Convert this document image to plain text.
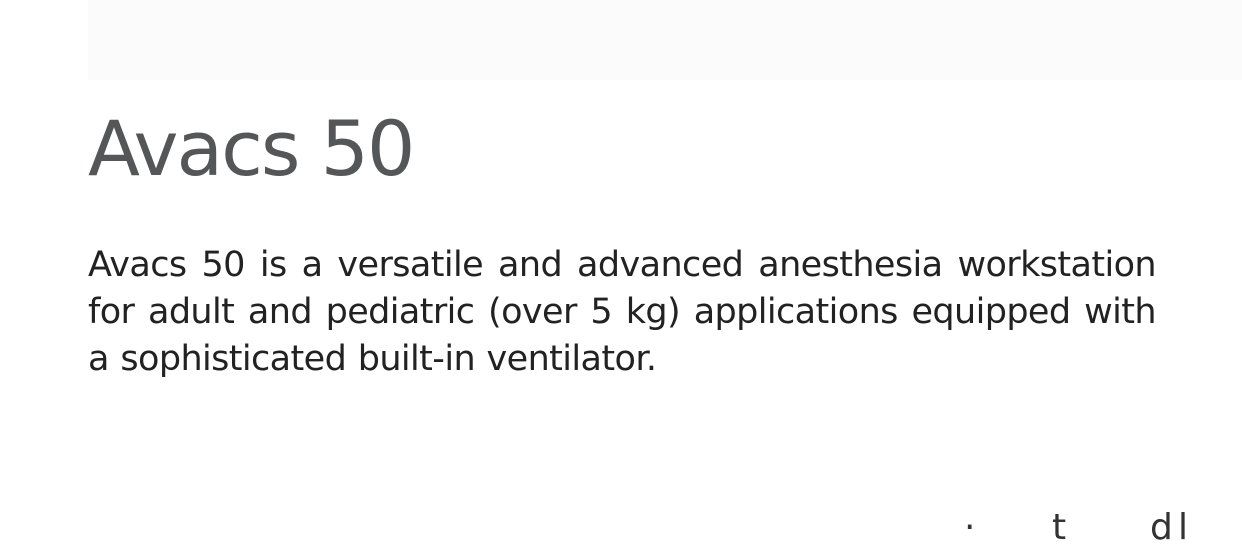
Avacs 50

Avacs 50 is a versatile and advanced anesthesia workstation for adult and pediatric (over 5 kg) applications equipped with a sophisticated built-in ventilator.

· t d l
